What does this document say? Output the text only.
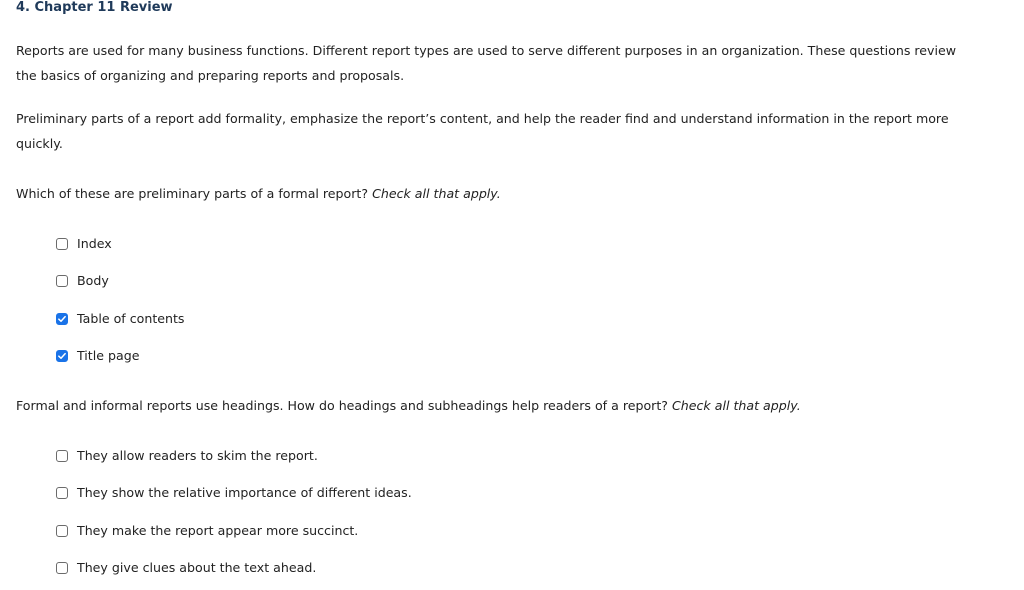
4. Chapter 11 Review
Reports are used for many business functions. Different report types are used to serve different purposes in an organization. These questions review the basics of organizing and preparing reports and proposals.
Preliminary parts of a report add formality, emphasize the report’s content, and help the reader find and understand information in the report more quickly.
Which of these are preliminary parts of a formal report? Check all that apply.
Index
Body
Table of contents
Title page
Formal and informal reports use headings. How do headings and subheadings help readers of a report? Check all that apply.
They allow readers to skim the report.
They show the relative importance of different ideas.
They make the report appear more succinct.
They give clues about the text ahead.
